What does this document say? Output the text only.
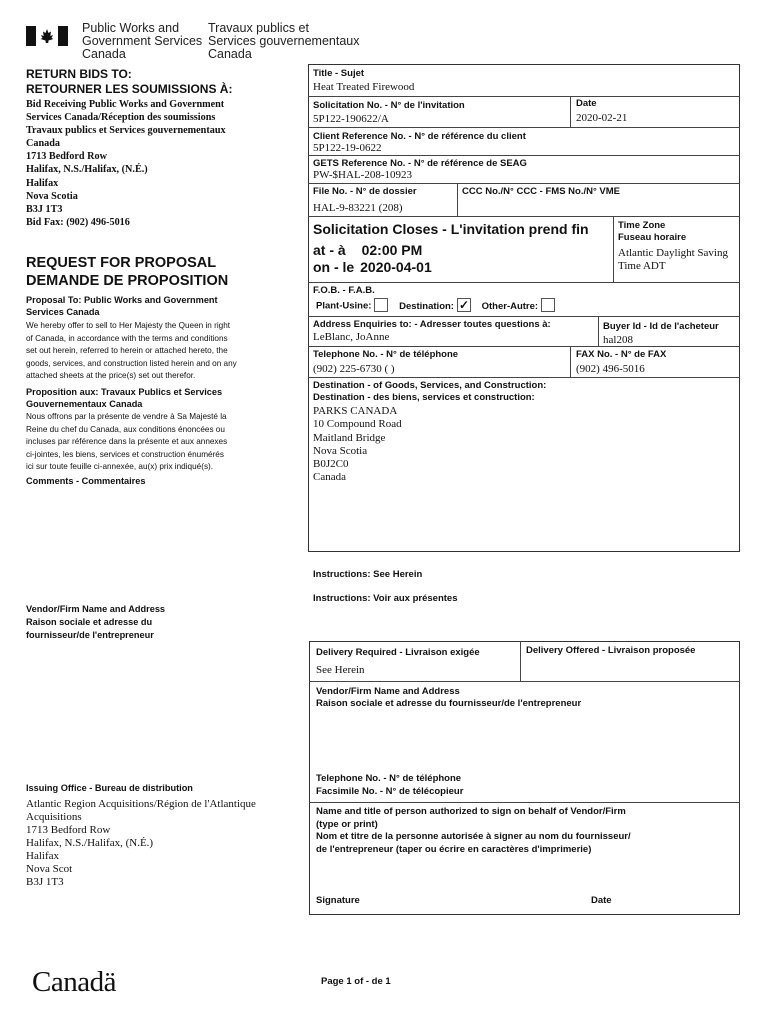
Public Works and
Government Services
Canada
Travaux publics et
Services gouvernementaux
Canada
RETURN BIDS TO:
RETOURNER LES SOUMISSIONS À:
Bid Receiving Public Works and Government
Services Canada/Réception des soumissions
Travaux publics et Services gouvernementaux
Canada
1713 Bedford Row
Halifax, N.S./Halifax, (N.É.)
Halifax
Nova Scotia
B3J 1T3
Bid Fax: (902) 496-5016
REQUEST FOR PROPOSAL
DEMANDE DE PROPOSITION
Proposal To: Public Works and Government
Services Canada
We hereby offer to sell to Her Majesty the Queen in right
of Canada, in accordance with the terms and conditions
set out herein, referred to herein or attached hereto, the
goods, services, and construction listed herein and on any
attached sheets at the price(s) set out therefor.
Proposition aux: Travaux Publics et Services
Gouvernementaux Canada
Nous offrons par la présente de vendre à Sa Majesté la
Reine du chef du Canada, aux conditions énoncées ou
incluses par référence dans la présente et aux annexes
ci-jointes, les biens, services et construction énumérés
ici sur toute feuille ci-annexée, au(x) prix indiqué(s).
Comments - Commentaires
Vendor/Firm Name and Address
Raison sociale et adresse du
fournisseur/de l'entrepreneur
Issuing Office - Bureau de distribution
Atlantic Region Acquisitions/Région de l'Atlantique
Acquisitions
1713 Bedford Row
Halifax, N.S./Halifax, (N.É.)
Halifax
Nova Scot
B3J 1T3
Title - Sujet
Heat Treated Firewood
Solicitation No. - N° de l'invitation
5P122-190622/A
Date
2020-02-21
Client Reference No. - N° de référence du client
5P122-19-0622
GETS Reference No. - N° de référence de SEAG
PW-$HAL-208-10923
File No. - N° de dossier
HAL-9-83221 (208)
CCC No./N° CCC - FMS No./N° VME
Solicitation Closes - L'invitation prend fin
at - à 02:00 PM
on - le 2020-04-01
Time Zone
Fuseau horaire
Atlantic Daylight Saving
Time ADT
F.O.B. - F.A.B.
Plant-Usine:	Destination: ✓ Other-Autre:
Address Enquiries to: - Adresser toutes questions à:
LeBlanc, JoAnne
Buyer Id - Id de l'acheteur
hal208
Telephone No. - N° de téléphone
(902) 225-6730 ( )
FAX No. - N° de FAX
(902) 496-5016
Destination - of Goods, Services, and Construction:
Destination - des biens, services et construction:
PARKS CANADA
10 Compound Road
Maitland Bridge
Nova Scotia
B0J2C0
Canada
Instructions: See Herein
Instructions: Voir aux présentes
Delivery Required - Livraison exigée
See Herein
Delivery Offered - Livraison proposée
Vendor/Firm Name and Address
Raison sociale et adresse du fournisseur/de l'entrepreneur
Telephone No. - N° de téléphone
Facsimile No. - N° de télécopieur
Name and title of person authorized to sign on behalf of Vendor/Firm
(type or print)
Nom et titre de la personne autorisée à signer au nom du fournisseur/
de l'entrepreneur (taper ou écrire en caractères d'imprimerie)
Signature	Date
Canadä	Page 1 of - de 1
